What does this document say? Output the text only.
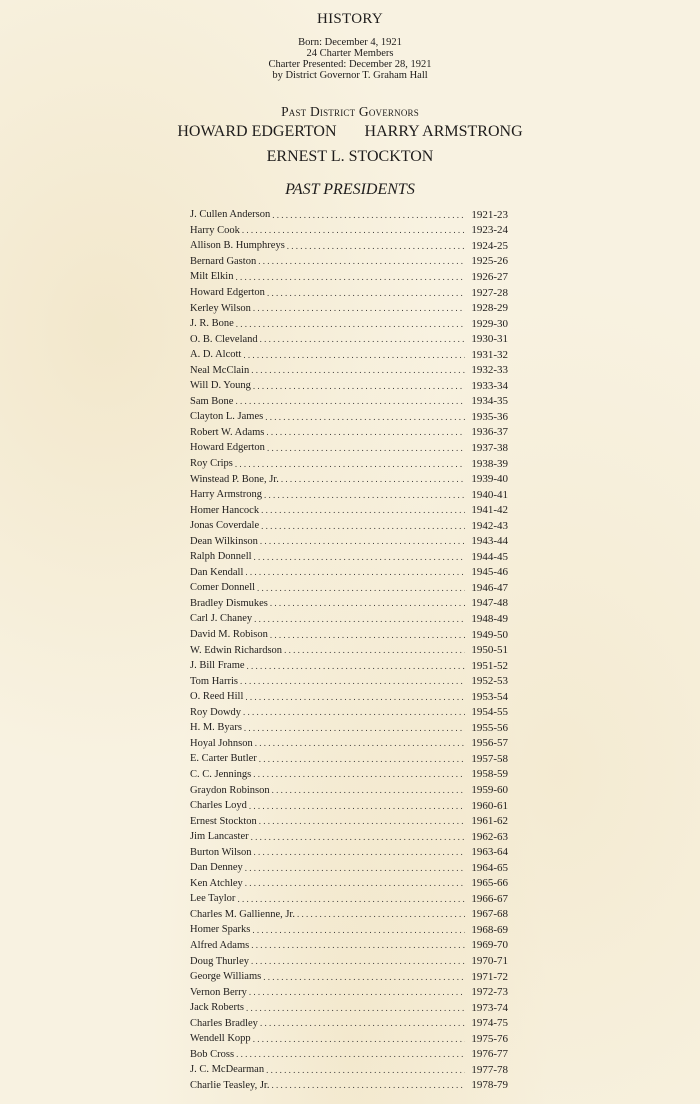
HISTORY
Born: December 4, 1921
24 Charter Members
Charter Presented: December 28, 1921
by District Governor T. Graham Hall
Past District Governors
HOWARD EDGERTON HARRY ARMSTRONG
ERNEST L. STOCKTON
PAST PRESIDENTS
J. Cullen Anderson . . .	1921-23
Harry Cook . . .	1923-24
Allison B. Humphreys . . .	1924-25
Bernard Gaston . . .	1925-26
Milt Elkin . . .	1926-27
Howard Edgerton . . .	1927-28
Kerley Wilson . . .	1928-29
J. R. Bone . . .	1929-30
O. B. Cleveland . . .	1930-31
A. D. Alcott . . .	1931-32
Neal McClain . . .	1932-33
Will D. Young . . .	1933-34
Sam Bone . . .	1934-35
Clayton L. James . . .	1935-36
Robert W. Adams . . .	1936-37
Howard Edgerton . . .	1937-38
Roy Crips . . .	1938-39
Winstead P. Bone, Jr. . . .	1939-40
Harry Armstrong . . .	1940-41
Homer Hancock . . .	1941-42
Jonas Coverdale . . .	1942-43
Dean Wilkinson . . .	1943-44
Ralph Donnell . . .	1944-45
Dan Kendall . . .	1945-46
Comer Donnell . . .	1946-47
Bradley Dismukes . . .	1947-48
Carl J. Chaney . . .	1948-49
David M. Robison . . .	1949-50
W. Edwin Richardson . . .	1950-51
J. Bill Frame . . .	1951-52
Tom Harris . . .	1952-53
O. Reed Hill . . .	1953-54
Roy Dowdy . . .	1954-55
H. M. Byars . . .	1955-56
Hoyal Johnson . . .	1956-57
E. Carter Butler . . .	1957-58
C. C. Jennings . . .	1958-59
Graydon Robinson . . .	1959-60
Charles Loyd . . .	1960-61
Ernest Stockton . . .	1961-62
Jim Lancaster . . .	1962-63
Burton Wilson . . .	1963-64
Dan Denney . . .	1964-65
Ken Atchley . . .	1965-66
Lee Taylor . . .	1966-67
Charles M. Gallienne, Jr. . . .	1967-68
Homer Sparks . . .	1968-69
Alfred Adams . . .	1969-70
Doug Thurley . . .	1970-71
George Williams . . .	1971-72
Vernon Berry . . .	1972-73
Jack Roberts . . .	1973-74
Charles Bradley . . .	1974-75
Wendell Kopp . . .	1975-76
Bob Cross . . .	1976-77
J. C. McDearman . . .	1977-78
Charlie Teasley, Jr. . . .	1978-79
